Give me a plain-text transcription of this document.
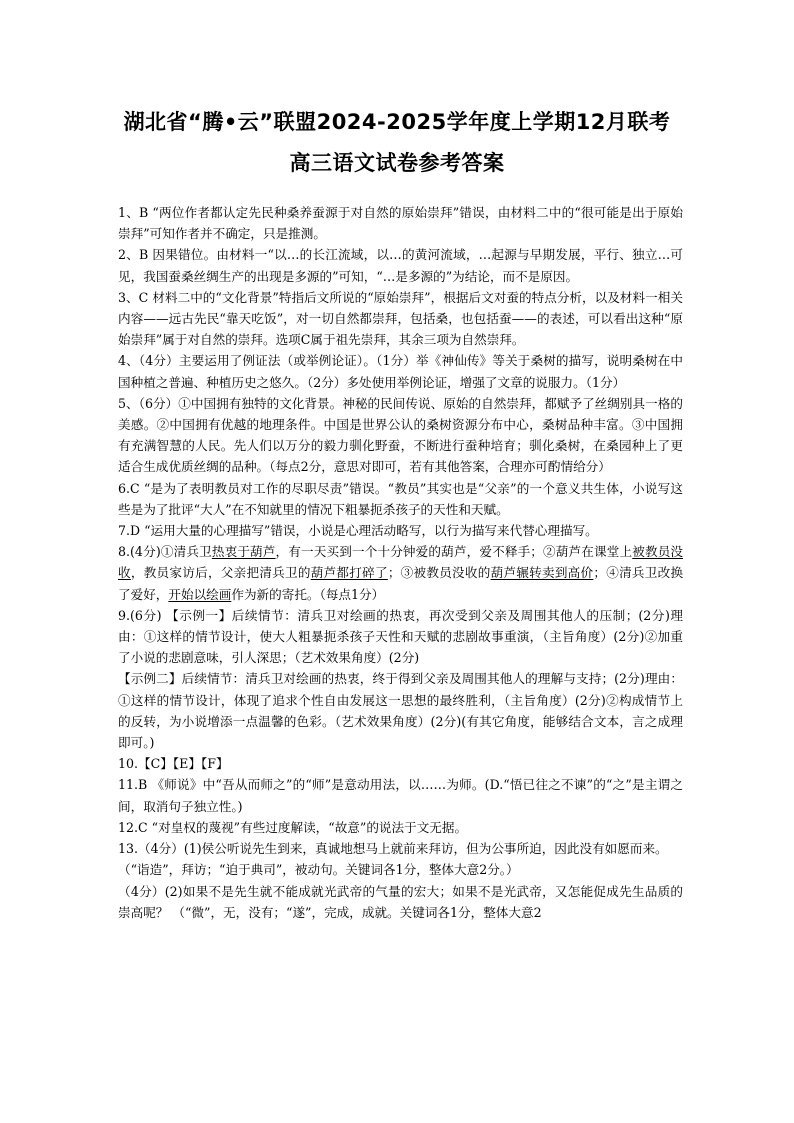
湖北省“腾•云”联盟2024-2025学年度上学期12月联考
高三语文试卷参考答案

1、B “两位作者都认定先民种桑养蚕源于对自然的原始崇拜”错误，由材料二中的“很可能是出于原始崇拜”可知作者并不确定，只是推测。

2、B 因果错位。由材料一“以…的长江流域，以…的黄河流域，…起源与早期发展，平行、独立…可见，我国蚕桑丝绸生产的出现是多源的”可知，“…是多源的”为结论，而不是原因。

3、C 材料二中的“文化背景”特指后文所说的“原始崇拜”，根据后文对蚕的特点分析，以及材料一相关内容——远古先民“靠天吃饭”，对一切自然都崇拜，包括桑，也包括蚕——的表述，可以看出这种“原始崇拜”属于对自然的崇拜。选项C属于祖先崇拜，其余三项为自然崇拜。

4、（4分）主要运用了例证法（或举例论证）。（1分）举《神仙传》等关于桑树的描写，说明桑树在中国种植之普遍、种植历史之悠久。（2分）多处使用举例论证，增强了文章的说服力。（1分）

5、（6分）①中国拥有独特的文化背景。神秘的民间传说、原始的自然崇拜，都赋予了丝绸别具一格的美感。②中国拥有优越的地理条件。中国是世界公认的桑树资源分布中心，桑树品种丰富。③中国拥有充满智慧的人民。先人们以万分的毅力驯化野蚕，不断进行蚕种培育；驯化桑树，在桑园种上了更适合生成优质丝绸的品种。（每点2分，意思对即可，若有其他答案，合理亦可酌情给分）

6.C “是为了表明教员对工作的尽职尽责”错误。“教员”其实也是“父亲”的一个意义共生体，小说写这些是为了批评“大人”在不知就里的情况下粗暴扼杀孩子的天性和天赋。

7.D “运用大量的心理描写”错误，小说是心理活动略写，以行为描写来代替心理描写。

8.(4分)①清兵卫热衷于葫芦，有一天买到一个十分钟爱的葫芦，爱不释手；②葫芦在课堂上被教员没收，教员家访后，父亲把清兵卫的葫芦都打碎了；③被教员没收的葫芦辗转卖到高价；④清兵卫改换了爱好，开始以绘画作为新的寄托。（每点1分）

9.(6分) 【示例一】后续情节：清兵卫对绘画的热衷，再次受到父亲及周围其他人的压制；(2分)理由：①这样的情节设计，使大人粗暴扼杀孩子天性和天赋的悲剧故事重演，（主旨角度）(2分)②加重了小说的悲剧意味，引人深思；（艺术效果角度）(2分)

【示例二】后续情节：清兵卫对绘画的热衷，终于得到父亲及周围其他人的理解与支持；(2分)理由：①这样的情节设计，体现了追求个性自由发展这一思想的最终胜利，（主旨角度）(2分)②构成情节上的反转，为小说增添一点温馨的色彩。（艺术效果角度）(2分)(有其它角度，能够结合文本，言之成理即可。)

10.【C】【E】【F】

11.B 《师说》中“吾从而师之”的“师”是意动用法，以……为师。(D.“悟已往之不谏”的“之”是主谓之间，取消句子独立性。)

12.C “对皇权的蔑视”有些过度解读，“故意”的说法于文无据。

13.（4分）(1)侯公听说先生到来，真诚地想马上就前来拜访，但为公事所迫，因此没有如愿而来。

（“诣造”，拜访；“迫于典司”，被动句。关键词各1分，整体大意2分。）

（4分）(2)如果不是先生就不能成就光武帝的气量的宏大；如果不是光武帝，又怎能促成先生品质的崇高呢？ （“微”，无，没有；“遂”，完成，成就。关键词各1分，整体大意2
